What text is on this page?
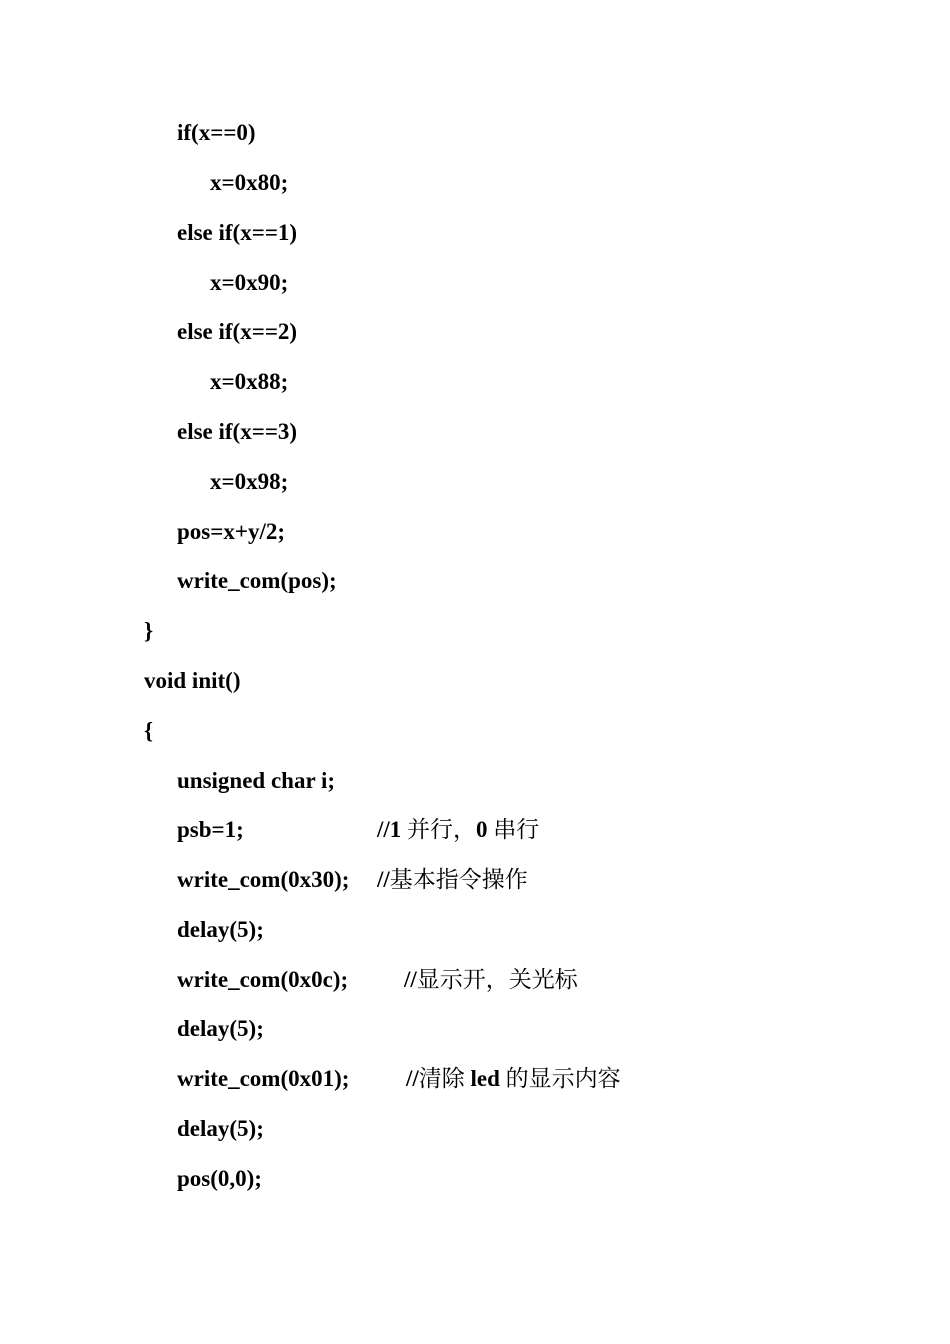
if(x==0)
x=0x80;
else if(x==1)
x=0x90;
else if(x==2)
x=0x88;
else if(x==3)
x=0x98;
pos=x+y/2;
write_com(pos);
}
void init()
{
unsigned char i;
psb=1;	//1 并行，0 串行
write_com(0x30); //基本指令操作
delay(5);
write_com(0x0c); //显示开，关光标
delay(5);
write_com(0x01); //清除 led 的显示内容
delay(5);
pos(0,0);
